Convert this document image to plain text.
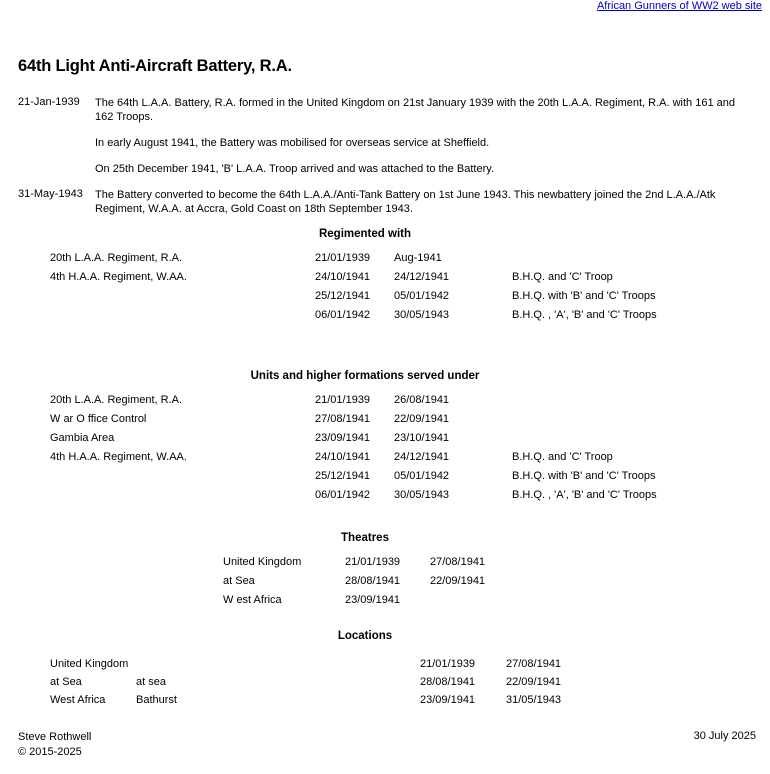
African Gunners of WW2 web site
64th Light Anti-Aircraft Battery, R.A.
21-Jan-1939	The 64th L.A.A. Battery, R.A. formed in the United Kingdom on 21st January 1939 with the 20th L.A.A. Regiment, R.A. with 161 and 162 Troops.
In early August 1941, the Battery was mobilised for overseas service at Sheffield.
On 25th December 1941, 'B' L.A.A. Troop arrived and was attached to the Battery.
31-May-1943	The Battery converted to become the 64th L.A.A./Anti-Tank Battery on 1st June 1943. This newbattery joined the 2nd L.A.A./Atk Regiment, W.A.A. at Accra, Gold Coast on 18th September 1943.
Regimented with
20th L.A.A. Regiment, R.A.	21/01/1939 Aug-1941
4th H.A.A. Regiment, W.AA.	24/10/1941 24/12/1941	B.H.Q. and 'C' Troop
25/12/1941 05/01/1942	B.H.Q. with 'B' and 'C' Troops
06/01/1942 30/05/1943	B.H.Q. , 'A', 'B' and 'C' Troops
Units and higher formations served under
20th L.A.A. Regiment, R.A.	21/01/1939 26/08/1941
W ar O ffice Control	27/08/1941 22/09/1941
Gambia Area	23/09/1941 23/10/1941
4th H.A.A. Regiment, W.AA.	24/10/1941 24/12/1941	B.H.Q. and 'C' Troop
25/12/1941 05/01/1942	B.H.Q. with 'B' and 'C' Troops
06/01/1942 30/05/1943	B.H.Q. , 'A', 'B' and 'C' Troops
Theatres
United Kingdom	21/01/1939	27/08/1941
at Sea	28/08/1941	22/09/1941
W est Africa	23/09/1941
Locations
United Kingdom	21/01/1939	27/08/1941
at Sea	at sea	28/08/1941	22/09/1941
West Africa	Bathurst	23/09/1941	31/05/1943
Steve Rothwell
© 2015-2025
30 July 2025
